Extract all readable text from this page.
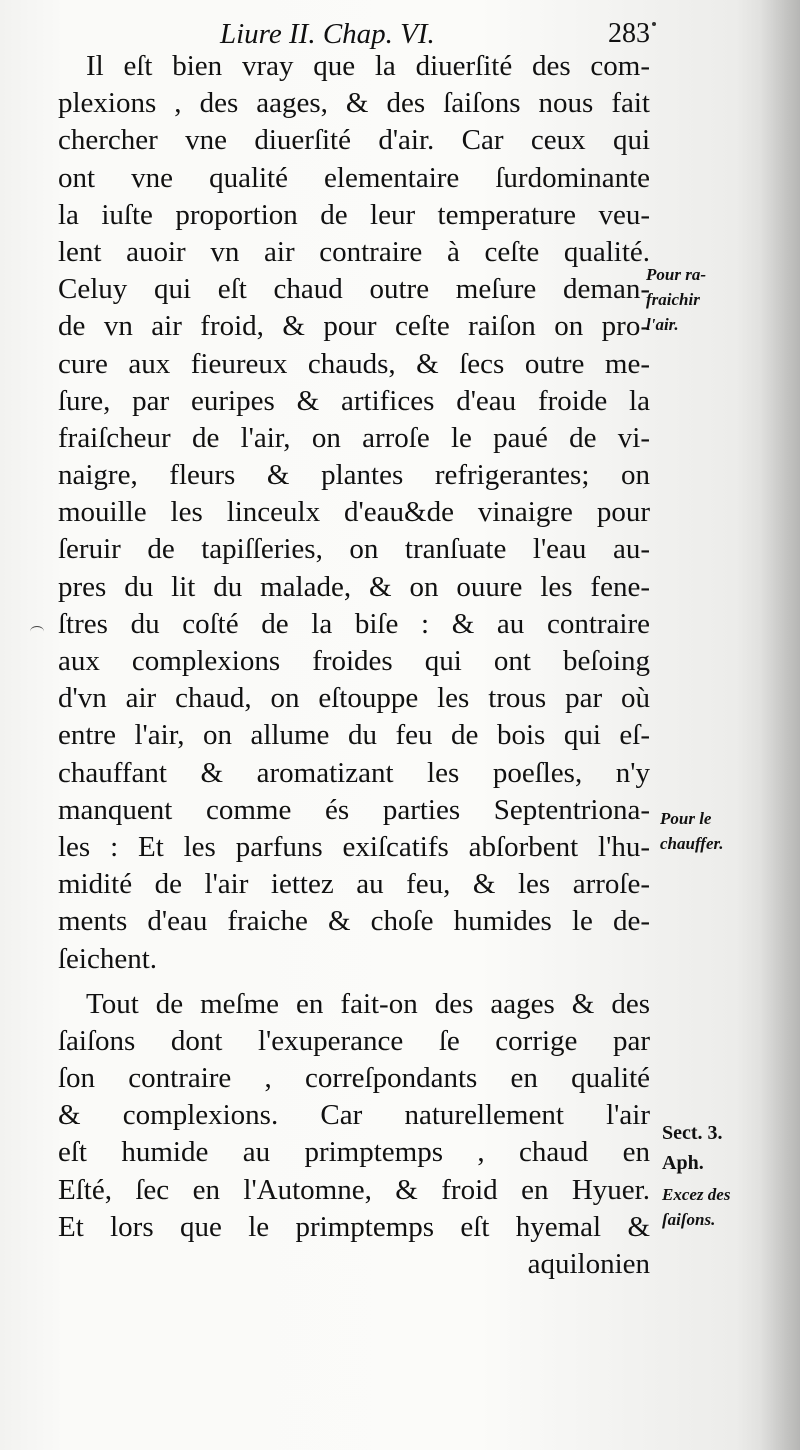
Liure II. Chap. VI.	283
Il eſt bien vray que la diuerſité des com-
plexions , des aages, & des ſaiſons nous fait
chercher vne diuerſité d'air. Car ceux qui
ont vne qualité elementaire ſurdominante
la iuſte proportion de leur temperature veu-
lent auoir vn air contraire à ceſte qualité.
Celuy qui eſt chaud outre meſure deman-
de vn air froid, & pour ceſte raiſon on pro-
cure aux fieureux chauds, & ſecs outre me-
ſure, par euripes & artifices d'eau froide la
fraiſcheur de l'air, on arroſe le paué de vi-
naigre, fleurs & plantes refrigerantes; on
mouille les linceulx d'eau&de vinaigre pour
ſeruir de tapiſſeries, on tranſuate l'eau au-
pres du lit du malade, & on ouure les fene-
ſtres du coſté de la biſe : & au contraire
aux complexions froides qui ont beſoing
d'vn air chaud, on eſtouppe les trous par où
entre l'air, on allume du feu de bois qui eſ-
chauffant & aromatizant les poeſles, n'y
manquent comme és parties Septentriona-
les : Et les parfuns exiſcatifs abſorbent l'hu-
midité de l'air iettez au feu, & les arroſe-
ments d'eau fraiche & choſe humides le de-
ſeichent.
Tout de meſme en fait-on des aages & des
ſaiſons dont l'exuperance ſe corrige par
ſon contraire , correſpondants en qualité
& complexions. Car naturellement l'air
eſt humide au primptemps , chaud en
Eſté, ſec en l'Automne, & froid en Hyuer.
Et lors que le primptemps eſt hyemal &
aquilonien
Pour ra-
fraichir
l'air.
Pour le
chauffer.
Sect. 3.
Aph.
Excez des
ſaiſons.
